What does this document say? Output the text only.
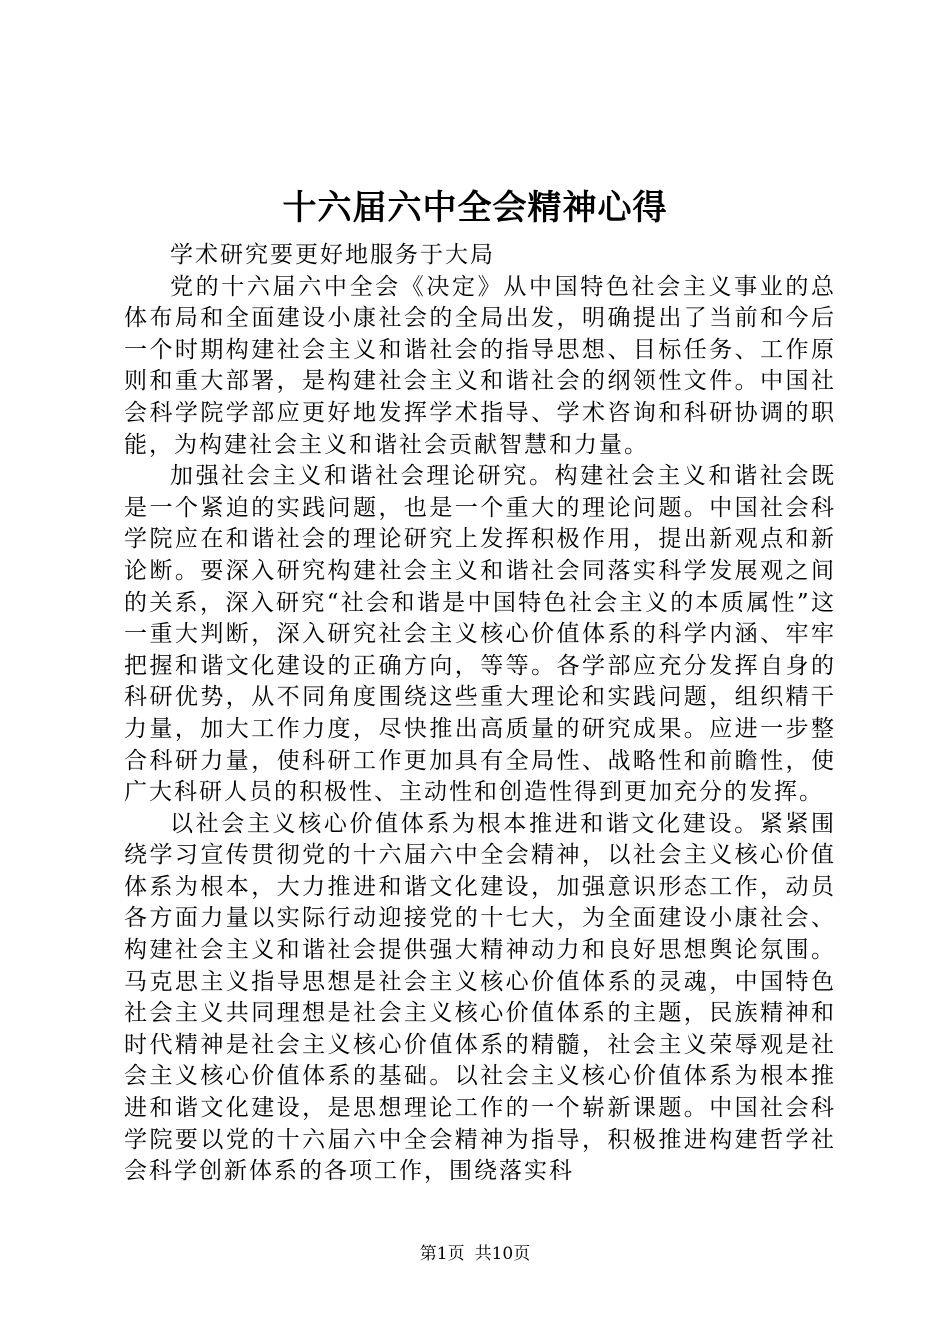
十六届六中全会精神心得

学术研究要更好地服务于大局

党的十六届六中全会《决定》从中国特色社会主义事业的总体布局和全面建设小康社会的全局出发，明确提出了当前和今后一个时期构建社会主义和谐社会的指导思想、目标任务、工作原则和重大部署，是构建社会主义和谐社会的纲领性文件。中国社会科学院学部应更好地发挥学术指导、学术咨询和科研协调的职能，为构建社会主义和谐社会贡献智慧和力量。

加强社会主义和谐社会理论研究。构建社会主义和谐社会既是一个紧迫的实践问题，也是一个重大的理论问题。中国社会科学院应在和谐社会的理论研究上发挥积极作用，提出新观点和新论断。要深入研究构建社会主义和谐社会同落实科学发展观之间的关系，深入研究“社会和谐是中国特色社会主义的本质属性”这一重大判断，深入研究社会主义核心价值体系的科学内涵、牢牢把握和谐文化建设的正确方向，等等。各学部应充分发挥自身的科研优势，从不同角度围绕这些重大理论和实践问题，组织精干力量，加大工作力度，尽快推出高质量的研究成果。应进一步整合科研力量，使科研工作更加具有全局性、战略性和前瞻性，使广大科研人员的积极性、主动性和创造性得到更加充分的发挥。

以社会主义核心价值体系为根本推进和谐文化建设。紧紧围绕学习宣传贯彻党的十六届六中全会精神，以社会主义核心价值体系为根本，大力推进和谐文化建设，加强意识形态工作，动员各方面力量以实际行动迎接党的十七大，为全面建设小康社会、构建社会主义和谐社会提供强大精神动力和良好思想舆论氛围。马克思主义指导思想是社会主义核心价值体系的灵魂，中国特色社会主义共同理想是社会主义核心价值体系的主题，民族精神和时代精神是社会主义核心价值体系的精髓，社会主义荣辱观是社会主义核心价值体系的基础。以社会主义核心价值体系为根本推进和谐文化建设，是思想理论工作的一个崭新课题。中国社会科学院要以党的十六届六中全会精神为指导，积极推进构建哲学社会科学创新体系的各项工作，围绕落实科

第1页 共10页
